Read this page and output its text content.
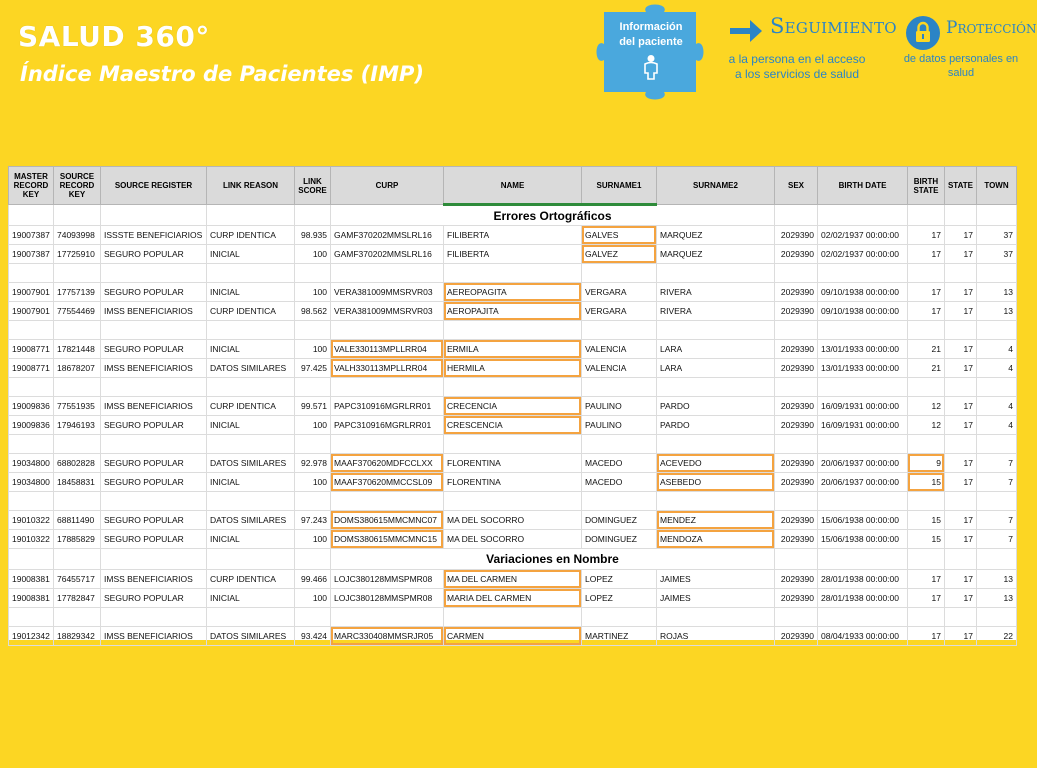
SALUD 360°
Índice Maestro de Pacientes (IMP)
Información
del paciente
Seguimiento
a la persona en el acceso
a los servicios de salud
Protección
de datos personales en
salud
MASTER RECORD KEY	SOURCE RECORD KEY	SOURCE REGISTER	LINK REASON	LINK SCORE	CURP	NAME	SURNAME1	SURNAME2	SEX	BIRTH DATE	BIRTH STATE	STATE	TOWN
					Errores Ortográficos								
19007387	74093998	ISSSTE BENEFICIARIOS	CURP IDENTICA	98.935	GAMF370202MMSLRL16	FILIBERTA	GALVES	MARQUEZ	2029390	02/02/1937 00:00:00	17	17	37
19007387	17725910	SEGURO POPULAR	INICIAL	100	GAMF370202MMSLRL16	FILIBERTA	GALVEZ	MARQUEZ	2029390	02/02/1937 00:00:00	17	17	37

19007901	17757139	SEGURO POPULAR	INICIAL	100	VERA381009MMSRVR03	AEREOPAGITA	VERGARA	RIVERA	2029390	09/10/1938 00:00:00	17	17	13
19007901	77554469	IMSS BENEFICIARIOS	CURP IDENTICA	98.562	VERA381009MMSRVR03	AEROPAJITA	VERGARA	RIVERA	2029390	09/10/1938 00:00:00	17	17	13

19008771	17821448	SEGURO POPULAR	INICIAL	100	VALE330113MPLLRR04	ERMILA	VALENCIA	LARA	2029390	13/01/1933 00:00:00	21	17	4
19008771	18678207	IMSS BENEFICIARIOS	DATOS SIMILARES	97.425	VALH330113MPLLRR04	HERMILA	VALENCIA	LARA	2029390	13/01/1933 00:00:00	21	17	4

19009836	77551935	IMSS BENEFICIARIOS	CURP IDENTICA	99.571	PAPC310916MGRLRR01	CRECENCIA	PAULINO	PARDO	2029390	16/09/1931 00:00:00	12	17	4
19009836	17946193	SEGURO POPULAR	INICIAL	100	PAPC310916MGRLRR01	CRESCENCIA	PAULINO	PARDO	2029390	16/09/1931 00:00:00	12	17	4

19034800	68802828	SEGURO POPULAR	DATOS SIMILARES	92.978	MAAF370620MDFCCLXX	FLORENTINA	MACEDO	ACEVEDO	2029390	20/06/1937 00:00:00	9	17	7
19034800	18458831	SEGURO POPULAR	INICIAL	100	MAAF370620MMCCSL09	FLORENTINA	MACEDO	ASEBEDO	2029390	20/06/1937 00:00:00	15	17	7

19010322	68811490	SEGURO POPULAR	DATOS SIMILARES	97.243	DOMS380615MMCMNC07	MA DEL SOCORRO	DOMINGUEZ	MENDEZ	2029390	15/06/1938 00:00:00	15	17	7
19010322	17885829	SEGURO POPULAR	INICIAL	100	DOMS380615MMCMNC15	MA DEL SOCORRO	DOMINGUEZ	MENDOZA	2029390	15/06/1938 00:00:00	15	17	7
					Variaciones en Nombre								
19008381	76455717	IMSS BENEFICIARIOS	CURP IDENTICA	99.466	LOJC380128MMSPMR08	MA DEL CARMEN	LOPEZ	JAIMES	2029390	28/01/1938 00:00:00	17	17	13
19008381	17782847	SEGURO POPULAR	INICIAL	100	LOJC380128MMSPMR08	MARIA DEL CARMEN	LOPEZ	JAIMES	2029390	28/01/1938 00:00:00	17	17	13

19012342	18829342	IMSS BENEFICIARIOS	DATOS SIMILARES	93.424	MARC330408MMSRJR05	CARMEN	MARTINEZ	ROJAS	2029390	08/04/1933 00:00:00	17	17	22
